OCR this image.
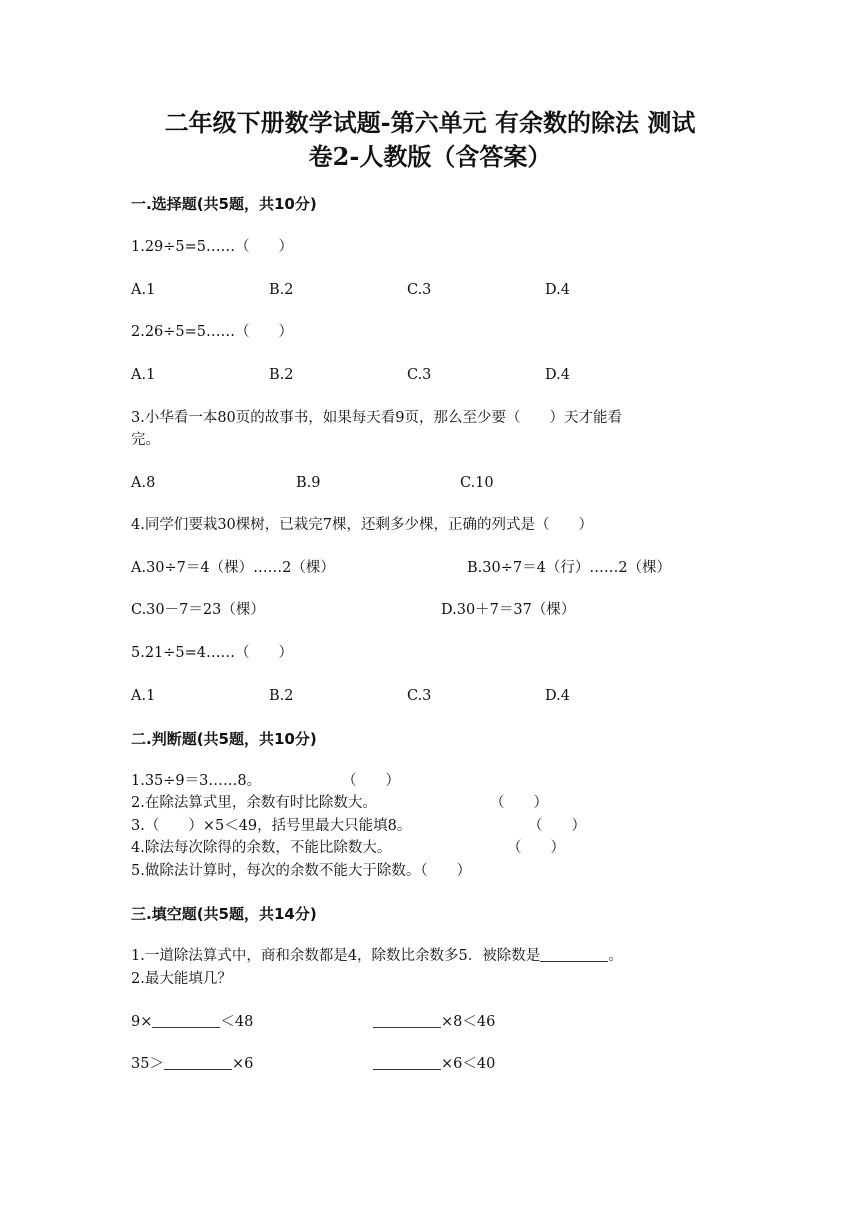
二年级下册数学试题-第六单元 有余数的除法 测试
卷2-人教版（含答案）
一.选择题(共5题，共10分)
1.29÷5=5……（　　）
A.1	B.2	C.3	D.4
2.26÷5=5……（　　）
A.1	B.2	C.3	D.4
3.小华看一本80页的故事书，如果每天看9页，那么至少要（　　）天才能看
完。
A.8	B.9	C.10
4.同学们要栽30棵树，已栽完7棵，还剩多少棵，正确的列式是（　　）
A.30÷7＝4（棵）……2（棵）	B.30÷7＝4（行）……2（棵）
C.30－7＝23（棵）	D.30＋7＝37（棵）
5.21÷5=4……（　　）
A.1	B.2	C.3	D.4
二.判断题(共5题，共10分)
1.35÷9＝3……8。	（　　）
2.在除法算式里，余数有时比除数大。	（　　）
3.（　　）×5＜49，括号里最大只能填8。	（　　）
4.除法每次除得的余数，不能比除数大。	（　　）
5.做除法计算时，每次的余数不能大于除数。（　　）
三.填空题(共5题，共14分)
1.一道除法算式中，商和余数都是4，除数比余数多5．被除数是	。
2.最大能填几？
9×	＜48	×8＜46
35＞	×6	×6＜40
